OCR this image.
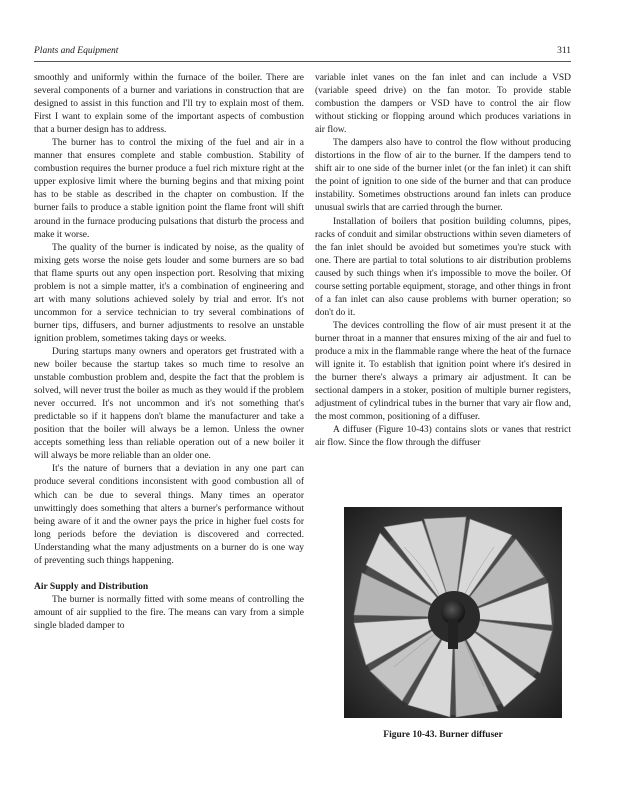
Plants and Equipment	311

smoothly and uniformly within the furnace of the boiler. There are several components of a burner and variations in construction that are designed to assist in this function and I'll try to explain most of them. First I want to explain some of the important aspects of combustion that a burner design has to address.

The burner has to control the mixing of the fuel and air in a manner that ensures complete and stable combustion. Stability of combustion requires the burner produce a fuel rich mixture right at the upper explosive limit where the burning begins and that mixing point has to be stable as described in the chapter on combustion. If the burner fails to produce a stable ignition point the flame front will shift around in the furnace producing pulsations that disturb the process and make it worse.

The quality of the burner is indicated by noise, as the quality of mixing gets worse the noise gets louder and some burners are so bad that flame spurts out any open inspection port. Resolving that mixing problem is not a simple matter, it's a combination of engineering and art with many solutions achieved solely by trial and error. It's not uncommon for a service technician to try several combinations of burner tips, diffusers, and burner adjustments to resolve an unstable ignition problem, sometimes taking days or weeks.

During startups many owners and operators get frustrated with a new boiler because the startup takes so much time to resolve an unstable combustion problem and, despite the fact that the problem is solved, will never trust the boiler as much as they would if the problem never occurred. It's not uncommon and it's not something that's predictable so if it happens don't blame the manufacturer and take a position that the boiler will always be a lemon. Unless the owner accepts something less than reliable operation out of a new boiler it will always be more reliable than an older one.

It's the nature of burners that a deviation in any one part can produce several conditions inconsistent with good combustion all of which can be due to several things. Many times an operator unwittingly does something that alters a burner's performance without being aware of it and the owner pays the price in higher fuel costs for long periods before the deviation is discovered and corrected. Understanding what the many adjustments on a burner do is one way of preventing such things happening.

Air Supply and Distribution

The burner is normally fitted with some means of controlling the amount of air supplied to the fire. The means can vary from a simple single bladed damper to

variable inlet vanes on the fan inlet and can include a VSD (variable speed drive) on the fan motor. To provide stable combustion the dampers or VSD have to control the air flow without sticking or flopping around which produces variations in air flow.

The dampers also have to control the flow without producing distortions in the flow of air to the burner. If the dampers tend to shift air to one side of the burner inlet (or the fan inlet) it can shift the point of ignition to one side of the burner and that can produce instability. Sometimes obstructions around fan inlets can produce unusual swirls that are carried through the burner.

Installation of boilers that position building columns, pipes, racks of conduit and similar obstructions within seven diameters of the fan inlet should be avoided but sometimes you're stuck with one. There are partial to total solutions to air distribution problems caused by such things when it's impossible to move the boiler. Of course setting portable equipment, storage, and other things in front of a fan inlet can also cause problems with burner operation; so don't do it.

The devices controlling the flow of air must present it at the burner throat in a manner that ensures mixing of the air and fuel to produce a mix in the flammable range where the heat of the furnace will ignite it. To establish that ignition point where it's desired in the burner there's always a primary air adjustment. It can be sectional dampers in a stoker, position of multiple burner registers, adjustment of cylindrical tubes in the burner that vary air flow and, the most common, positioning of a diffuser.

A diffuser (Figure 10-43) contains slots or vanes that restrict air flow. Since the flow through the diffuser

Figure 10-43. Burner diffuser
